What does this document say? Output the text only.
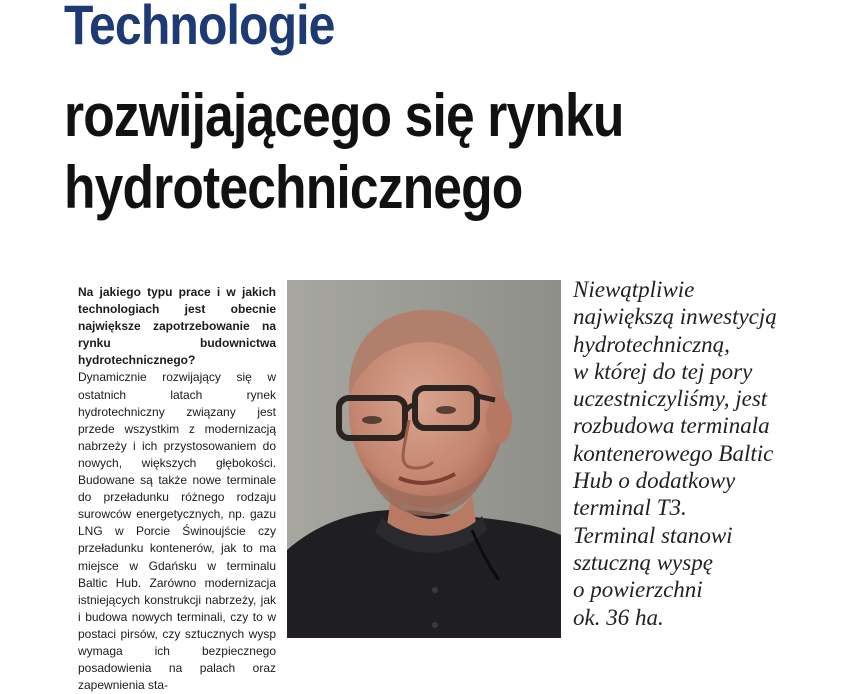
Technologie
rozwijającego się rynku
hydrotechnicznego

Na jakiego typu prace i w jakich technologiach jest obecnie największe zapotrzebowanie na rynku budownictwa hydrotechnicznego?

Dynamicznie rozwijający się w ostatnich latach rynek hydrotechniczny związany jest przede wszystkim z modernizacją nabrzeży i ich przystosowaniem do nowych, większych głębokości. Budowane są także nowe terminale do przeładunku różnego rodzaju surowców energetycznych, np. gazu LNG w Porcie Świnoujście czy przeładunku kontenerów, jak to ma miejsce w Gdańsku w terminalu Baltic Hub. Zarówno modernizacja istniejących konstrukcji nabrzeży, jak i budowa nowych terminali, czy to w postaci pirsów, czy sztucznych wysp wymaga ich bezpiecznego posadowienia na palach oraz zapewnienia sta-

Niewątpliwie
największą inwestycją
hydrotechniczną,
w której do tej pory
uczestniczyliśmy, jest
rozbudowa terminala
kontenerowego Baltic
Hub o dodatkowy
terminal T3.
Terminal stanowi
sztuczną wyspę
o powierzchni
ok. 36 ha.
